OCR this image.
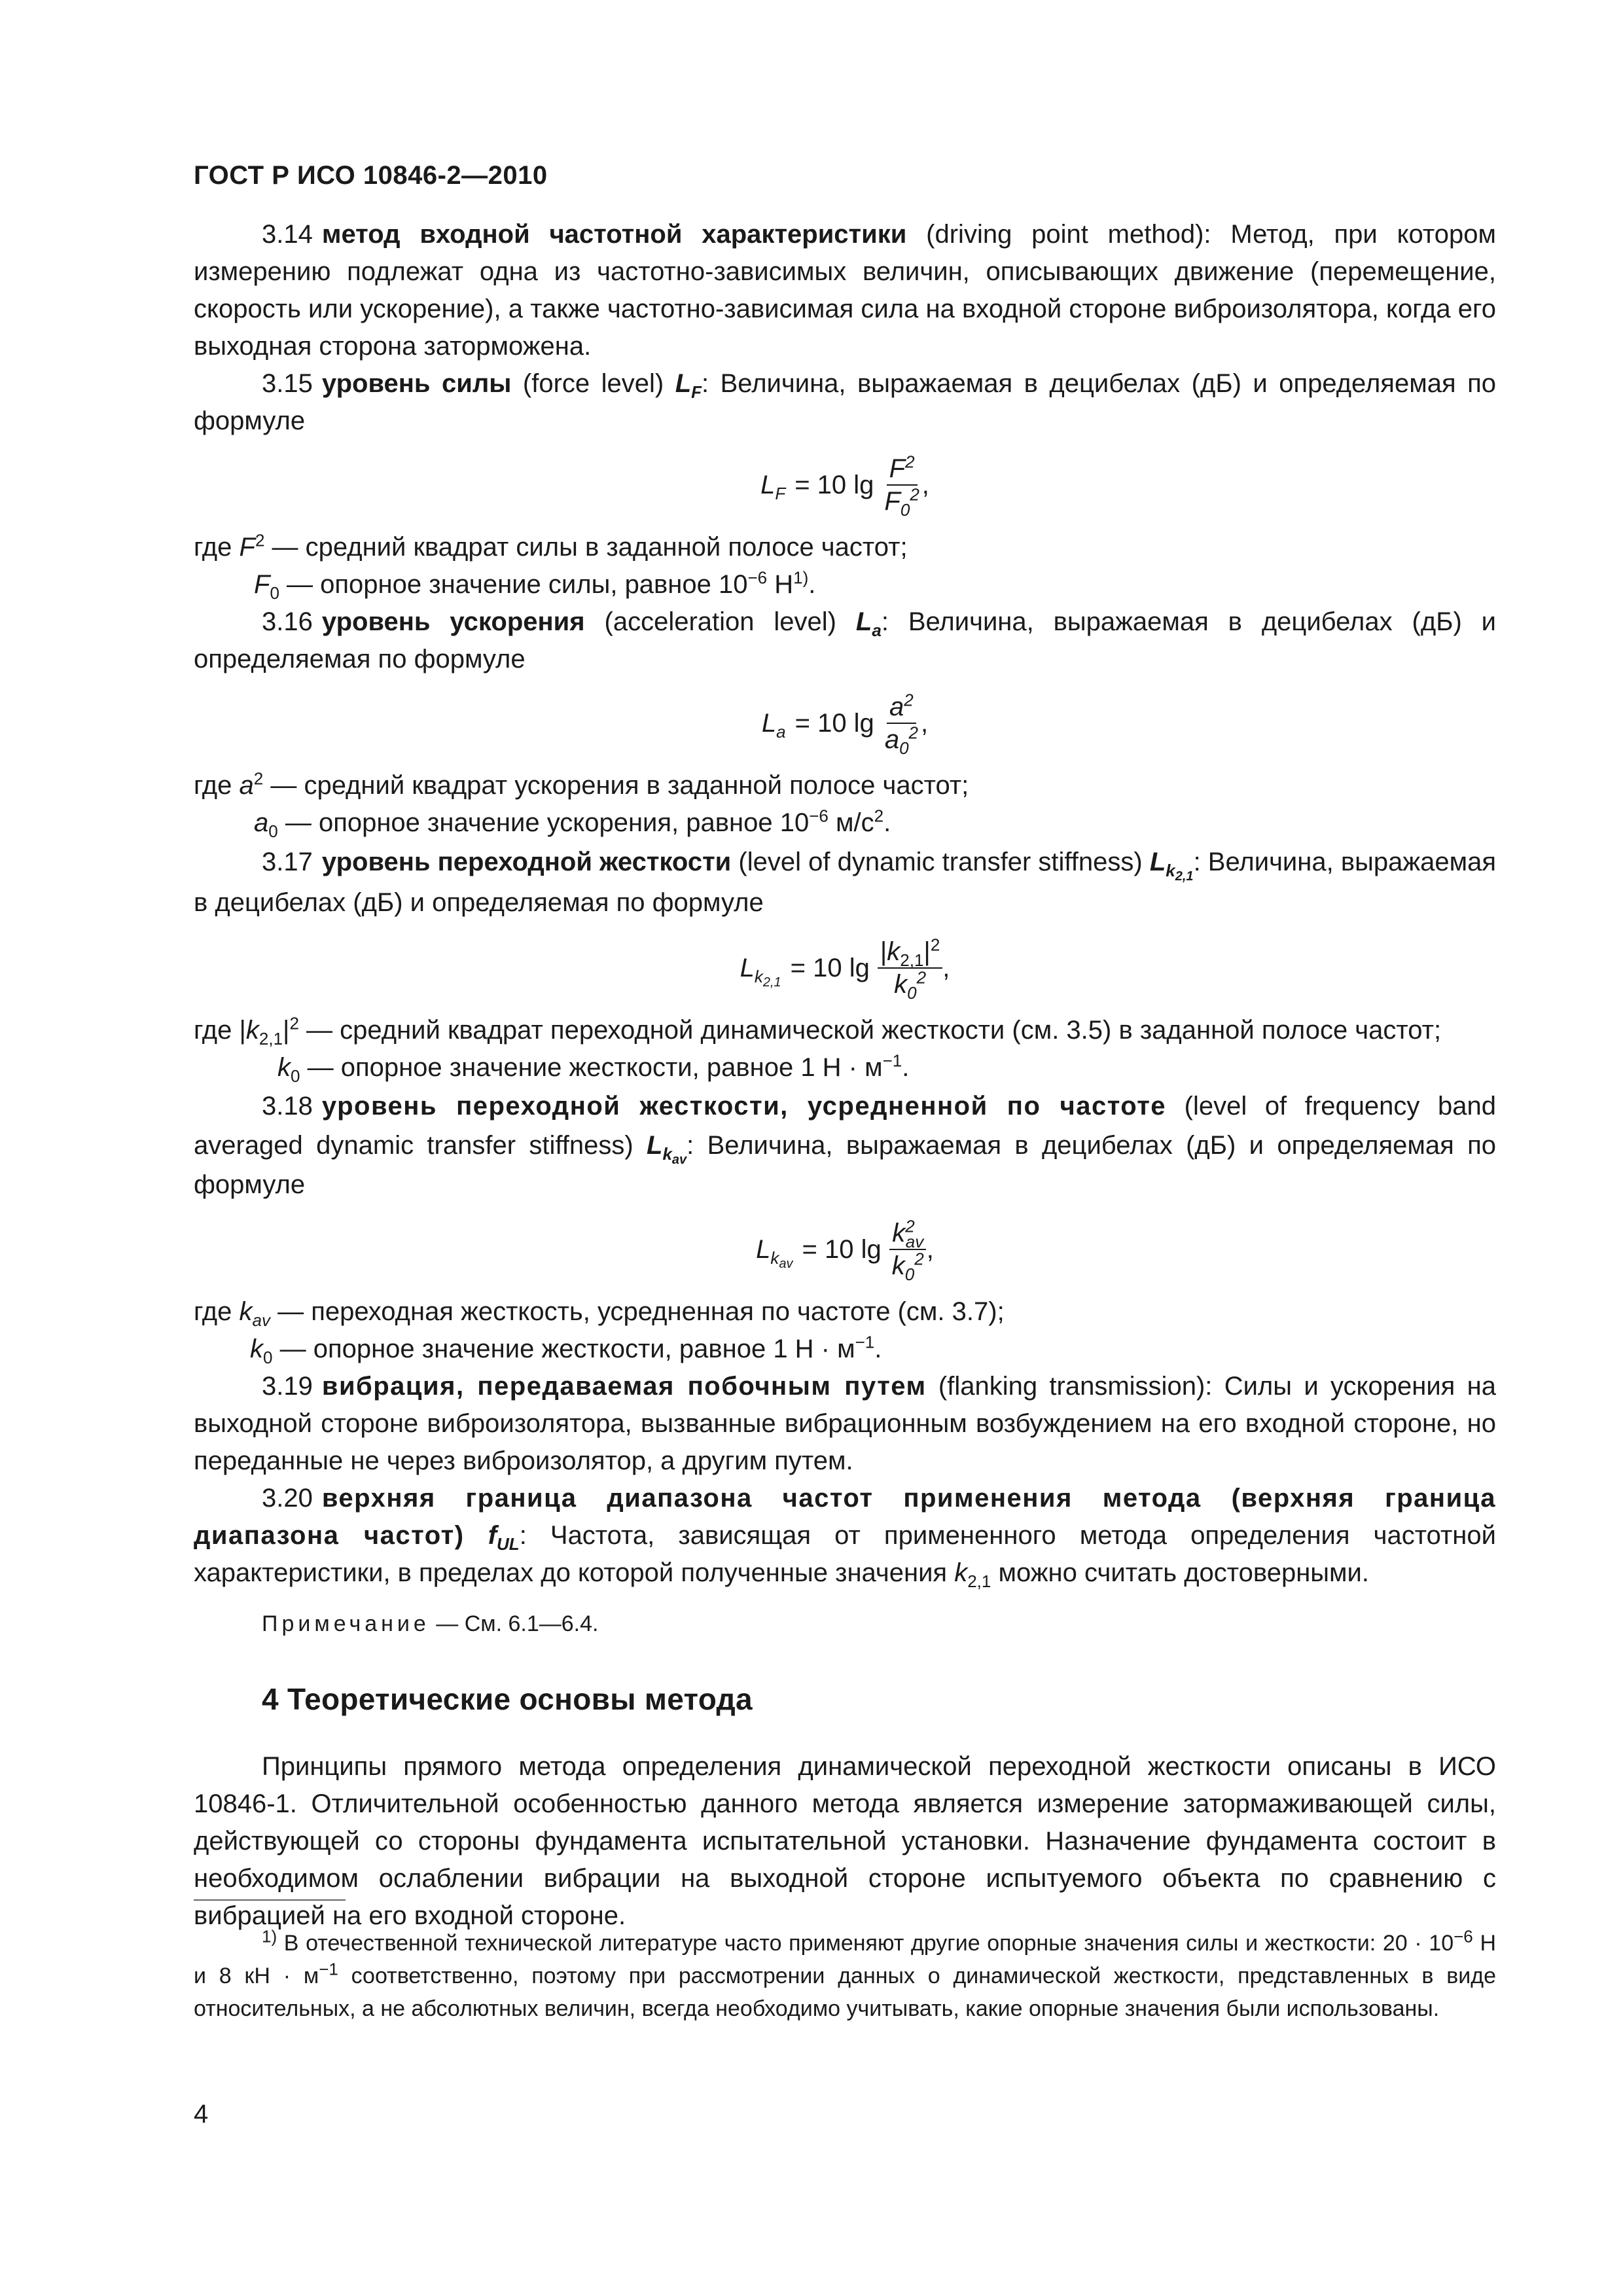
ГОСТ Р ИСО 10846-2—2010

3.14 метод входной частотной характеристики (driving point method): Метод, при котором измерению подлежат одна из частотно-зависимых величин, описывающих движение (перемещение, скорость или ускорение), а также частотно-зависимая сила на входной стороне виброизолятора, когда его выходная сторона заторможена.

3.15 уровень силы (force level) $L_F$: Величина, выражаемая в децибелах (дБ) и определяемая по формуле

$L_F = 10$ $\lg \frac{F^2}{F_0^2}$ ,

где $F^2$ — средний квадрат силы в заданной полосе частот;

$F_0$ — опорное значение силы, равное $10^{-6}$ $Н^{1)}$.

3.16 уровень ускорения (acceleration level) $L_a$: Величина, выражаемая в децибелах (дБ) и определяемая по формуле

$L_a = 10$ $\lg \frac{a^2}{a_0^2}$ ,

где $a^2$ — средний квадрат ускорения в заданной полосе частот;

$a_0$ — опорное значение ускорения, равное $10^{-6}$ $м/с^2$.

3.17 уровень переходной жесткости (level of dynamic transfer stiffness) $L_{k_{2,1}}$: Величина, выражаемая в децибелах (дБ) и определяемая по формуле

$L_{k_{2,1}}$
= 10 $\lg \frac{|k_{2,1}|^2}{k_0^2}$ ,

где $|k_{2,1}|^2$ — средний квадрат переходной динамической жесткости (см. 3.5) в заданной полосе частот;

$k_0$ — опорное значение жесткости, равное 1 $Н \cdot м^{-1}$.

3.18 уровень переходной жесткости, усредненной по частоте (level of frequency band averaged dynamic transfer stiffness) $L_{k_{av}}$: Величина, выражаемая в децибелах (дБ) и определяемая по формуле

$L_{k_{av}}$
= 10 $\lg \frac{k^2_{av}}{k_0^2}$ ,

где $k_{av}$ — переходная жесткость, усредненная по частоте (см. 3.7);

$k_0$ — опорное значение жесткости, равное 1 $Н \cdot м^{-1}$.

3.19 вибрация, передаваемая побочным путем (flanking transmission): Силы и ускорения на выходной стороне виброизолятора, вызванные вибрационным возбуждением на его входной стороне, но переданные не через виброизолятор, а другим путем.

3.20 верхняя граница диапазона частот применения метода (верхняя граница диапазона частот) $f_{UL}$: Частота, зависящая от примененного метода определения частотной характеристики, в пределах до которой полученные значения $k_{2,1}$ можно считать достоверными.

Примечание — См. 6.1—6.4.

4 Теоретические основы метода

Принципы прямого метода определения динамической переходной жесткости описаны в ИСО 10846-1. Отличительной особенностью данного метода является измерение затормаживающей силы, действующей со стороны фундамента испытательной установки. Назначение фундамента состоит в необходимом ослаблении вибрации на выходной стороне испытуемого объекта по сравнению с вибрацией на его входной стороне.

$^{1)}$ В отечественной технической литературе часто применяют другие опорные значения силы и жесткости: $20 \cdot 10^{-6}$ Н и 8 кН · $м^{-1}$ соответственно, поэтому при рассмотрении данных о динамической жесткости, представленных в виде относительных, а не абсолютных величин, всегда необходимо учитывать, какие опорные значения были использованы.

4
